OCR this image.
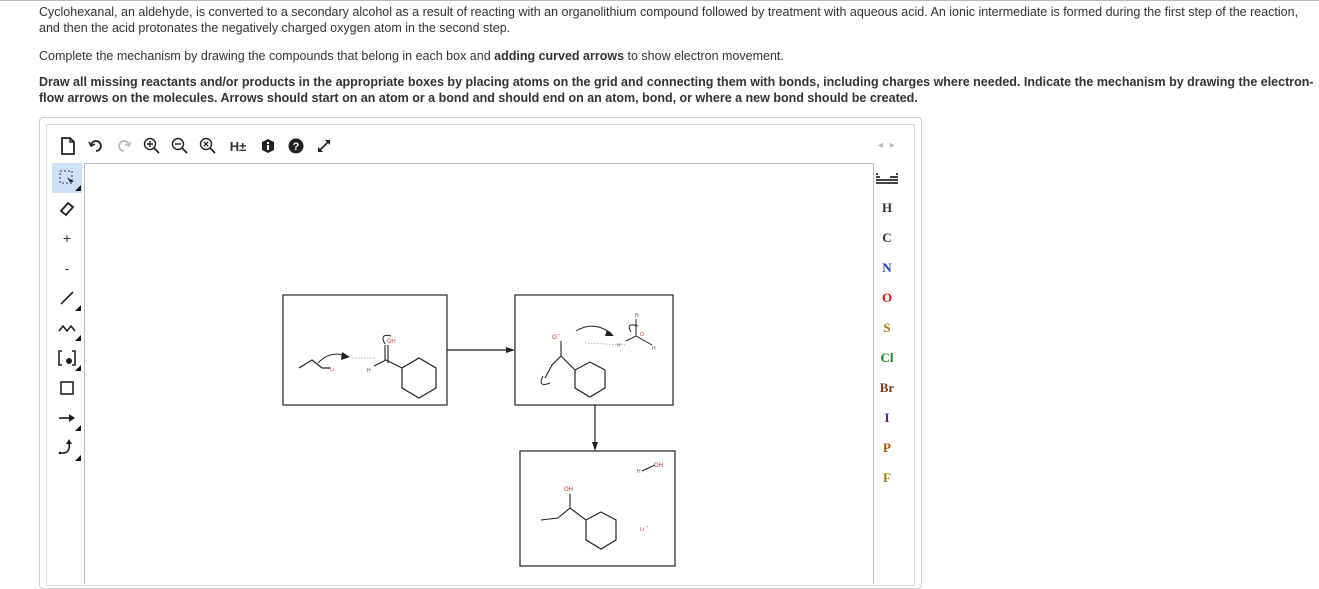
Cyclohexanal, an aldehyde, is converted to a secondary alcohol as a result of reacting with an organolithium compound followed by treatment with aqueous acid. An ionic intermediate is formed during the first step of the reaction, and then the acid protonates the negatively charged oxygen atom in the second step.
Complete the mechanism by drawing the compounds that belong in each box and adding curved arrows to show electron movement.
Draw all missing reactants and/or products in the appropriate boxes by placing atoms on the grid and connecting them with bonds, including charges where needed. Indicate the mechanism by drawing the electron-flow arrows on the molecules. Arrows should start on an atom or a bond and should end on an atom, bond, or where a new bond should be created.
H±	?	◂ ▸
+
-
H
C
N
O
S
Cl
Br
I
P
F
Li
O H
H
O −
H
O
H
H
OH
H
OH
Li
+
